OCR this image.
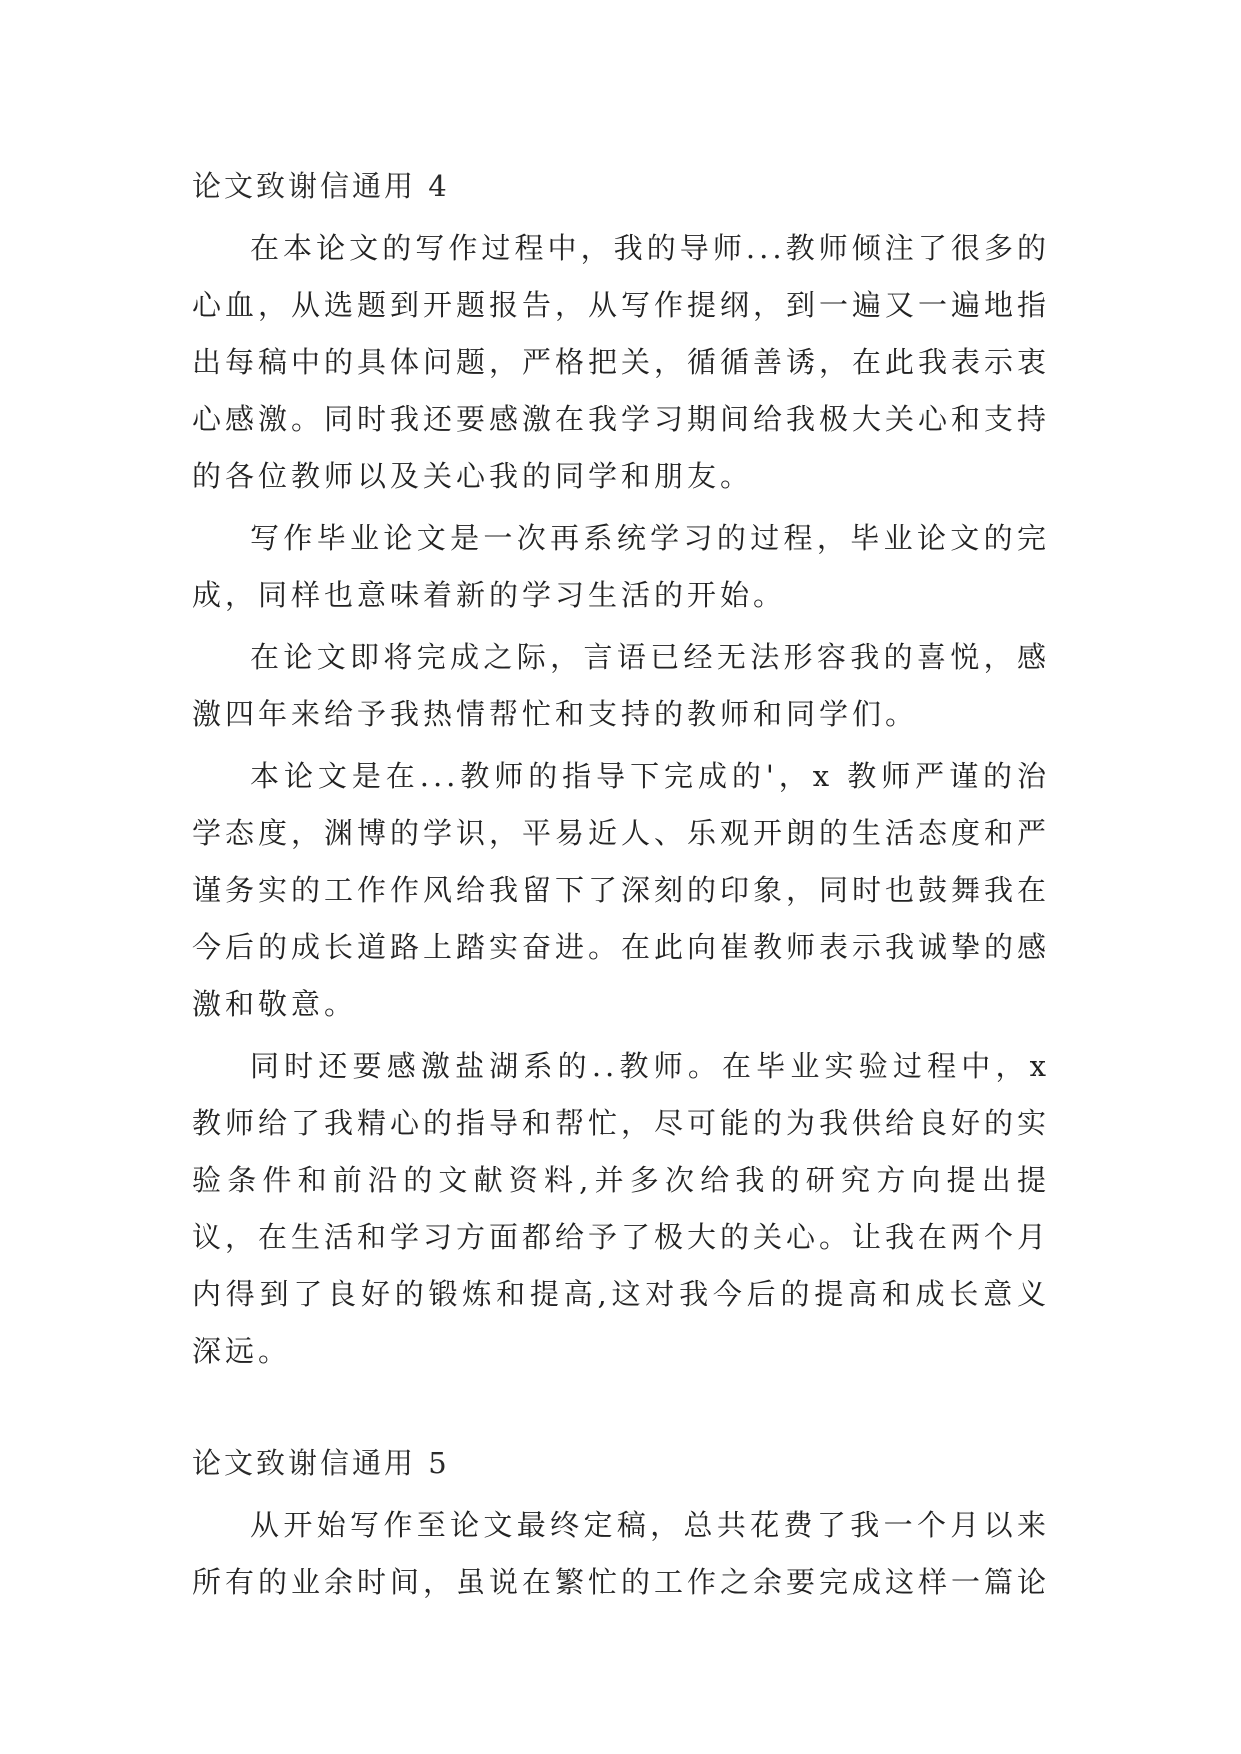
论文致谢信通用 4

在本论文的写作过程中，我的导师...教师倾注了很多的心血，从选题到开题报告，从写作提纲，到一遍又一遍地指出每稿中的具体问题，严格把关，循循善诱，在此我表示衷心感激。同时我还要感激在我学习期间给我极大关心和支持的各位教师以及关心我的同学和朋友。

写作毕业论文是一次再系统学习的过程，毕业论文的完成，同样也意味着新的学习生活的开始。

在论文即将完成之际，言语已经无法形容我的喜悦，感激四年来给予我热情帮忙和支持的教师和同学们。

本论文是在...教师的指导下完成的'，x 教师严谨的治学态度，渊博的学识，平易近人、乐观开朗的生活态度和严谨务实的工作作风给我留下了深刻的印象，同时也鼓舞我在今后的成长道路上踏实奋进。在此向崔教师表示我诚挚的感激和敬意。

同时还要感激盐湖系的..教师。在毕业实验过程中，x 教师给了我精心的指导和帮忙，尽可能的为我供给良好的实验条件和前沿的文献资料,并多次给我的研究方向提出提议，在生活和学习方面都给予了极大的关心。让我在两个月内得到了良好的锻炼和提高,这对我今后的提高和成长意义深远。

论文致谢信通用 5

从开始写作至论文最终定稿，总共花费了我一个月以来所有的业余时间，虽说在繁忙的工作之余要完成这样一篇论
